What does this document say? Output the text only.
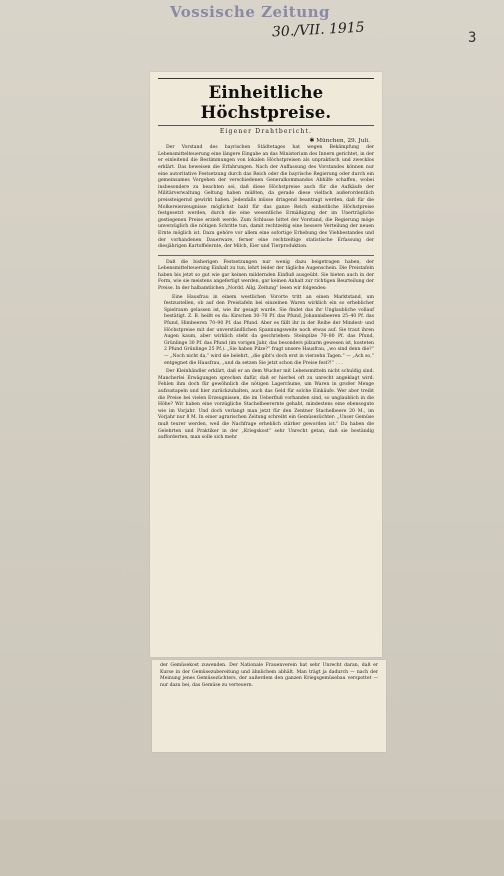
Vossische Zeitung
30./VII. 1915	3
Einheitliche Höchstpreise.
Eigener Drahtbericht.
✱ München, 29. Juli.

Der Vorstand des bayrischen Städtetages hat wegen Bekämpfung der Lebensmittelteuerung eine längere Eingabe an das Ministerium des Innern gerichtet, in der er einleitend die Bestimmungen von lokalen Höchstpreisen als unpraktisch und zwecklos erklärt. Das beweisen die Erfahrungen. Nach der Auffassung des Vorstandes können nur eine autoritative Festsetzung durch das Reich oder die bayrische Regierung oder durch ein gemeinsames Vorgehen der verschiedenen Generalkommandos Abhilfe schaffen, wobei insbesondere zu beachten sei, daß diese Höchstpreise auch für die Aufkäufe der Militärverwaltung Geltung haben müßten, da gerade diese vielfach außerordentlich preissteigernd gewirkt haben. Jedenfalls müsse dringend beantragt werden, daß für die Molkereierzeugnisse möglichst bald für das ganze Reich einheitliche Höchstpreise festgesetzt werden, durch die eine wesentliche Ermäßigung der im Unerträgliche gestiegenen Preise erzielt werde. Zum Schlusse bittet der Vorstand, die Regierung möge unverzüglich die nötigen Schritte tun, damit rechtzeitig eine bessere Verteilung der neuen Ernte möglich ist. Dazu gehöre vor allem eine sofortige Erhebung des Viehbestandes und der vorhandenen Dauerware, ferner eine rechtzeitige statistische Erfassung der diesjährigen Kartoffelernte, der Milch, Eier und Tierproduktion.

Daß die bisherigen Festsetzungen nur wenig dazu beigetragen haben, der Lebensmittelteuerung Einhalt zu tun, lehrt leider der tägliche Augenschein. Die Preistafeln haben bis jetzt so gut wie gar keinen mildernden Einfluß ausgeübt. Sie bieten auch in der Form, wie sie meistens angefertigt werden, gar keinen Anhalt zur richtigen Beurteilung der Preise. In der halbamtlichen „Nordd. Allg. Zeitung“ lesen wir folgendes:

Eine Hausfrau in einem westlichen Vororte tritt an einen Marktstand, um festzustellen, ob auf den Preistafeln bei einzelnen Waren wirklich ein so erheblicher Spielraum gelassen ist, wie ihr gesagt wurde. Sie findet das ihr Unglaubliche vollauf bestätigt. Z. B. heißt es da: Kirschen 30–70 Pf. das Pfund, Johannisbeeren 25–40 Pf. das Pfund, Himbeeren 70–90 Pf. das Pfund. Aber es fällt ihr in der Reihe der Mindest- und Höchstpreise mit der unverständlichen Spannungsweite noch etwas auf. Sie traut ihren Augen kaum, aber wirklich steht da geschrieben: Steinpilze 70–80 Pf. das Pfund, Grünlinge 30 Pf. das Pfund (im vorigen Jahr, das besonders pilzarm gewesen ist, kosteten 2 Pfund Grünlinge 25 Pf.). „Sie haben Pilze?“ fragt unsere Hausfrau, „wo sind denn die?“ — „Noch nicht da,“ wird sie belehrt, „die gibt's doch erst in vierzehn Tagen.“ — „Ach so,“ entgegnet die Hausfrau, „und da setzen Sie jetzt schon die Preise fest?!“ . . .

Der Kleinhändler erklärt, daß er an dem Wucher mit Lebensmitteln nicht schuldig sind. Mancherlei Erwägungen sprechen dafür, daß er hierbei oft zu unrecht angeklagt wird. Fehlen ihm doch für gewöhnlich die nötigen Lagerräume, um Waren in großer Menge aufzustapeln und hier zurückzuhalten, auch das Geld für solche Einkäufe. Wer aber treibt die Preise bei vielen Erzeugnissen, die im Ueberfluß vorhanden sind, so unglaublich in die Höhe? Wir haben eine vorzügliche Stachelbeerernte gehabt, mindestens eine ebensogute wie im Vorjahr. Und doch verlangt man jetzt für den Zentner Stachelbeere 20 M., im Vorjahr nur 8 M. In einer agrarischen Zeitung schreibt ein Gemüsezüchter: „Unser Gemüse muß teurer werden, weil die Nachfrage erheblich stärker geworden ist.“ Da haben die Gelehrten und Praktiker in der „Kriegskost“ sehr Unrecht getan, daß sie beständig aufforderten, man solle sich mehr

der Gemüsekost zuwenden. Der Nationale Frauenverein hat sehr Unrecht daran, daß er Kurse in der Gemüsezubereitung und ähnlichem abhält. Man trägt ja dadurch — nach der Meinung jenes Gemüsezüchters, der außerdem den ganzen Kriegsgemüsebau verspottet — nur dazu bei, das Gemüse zu verteuern.
